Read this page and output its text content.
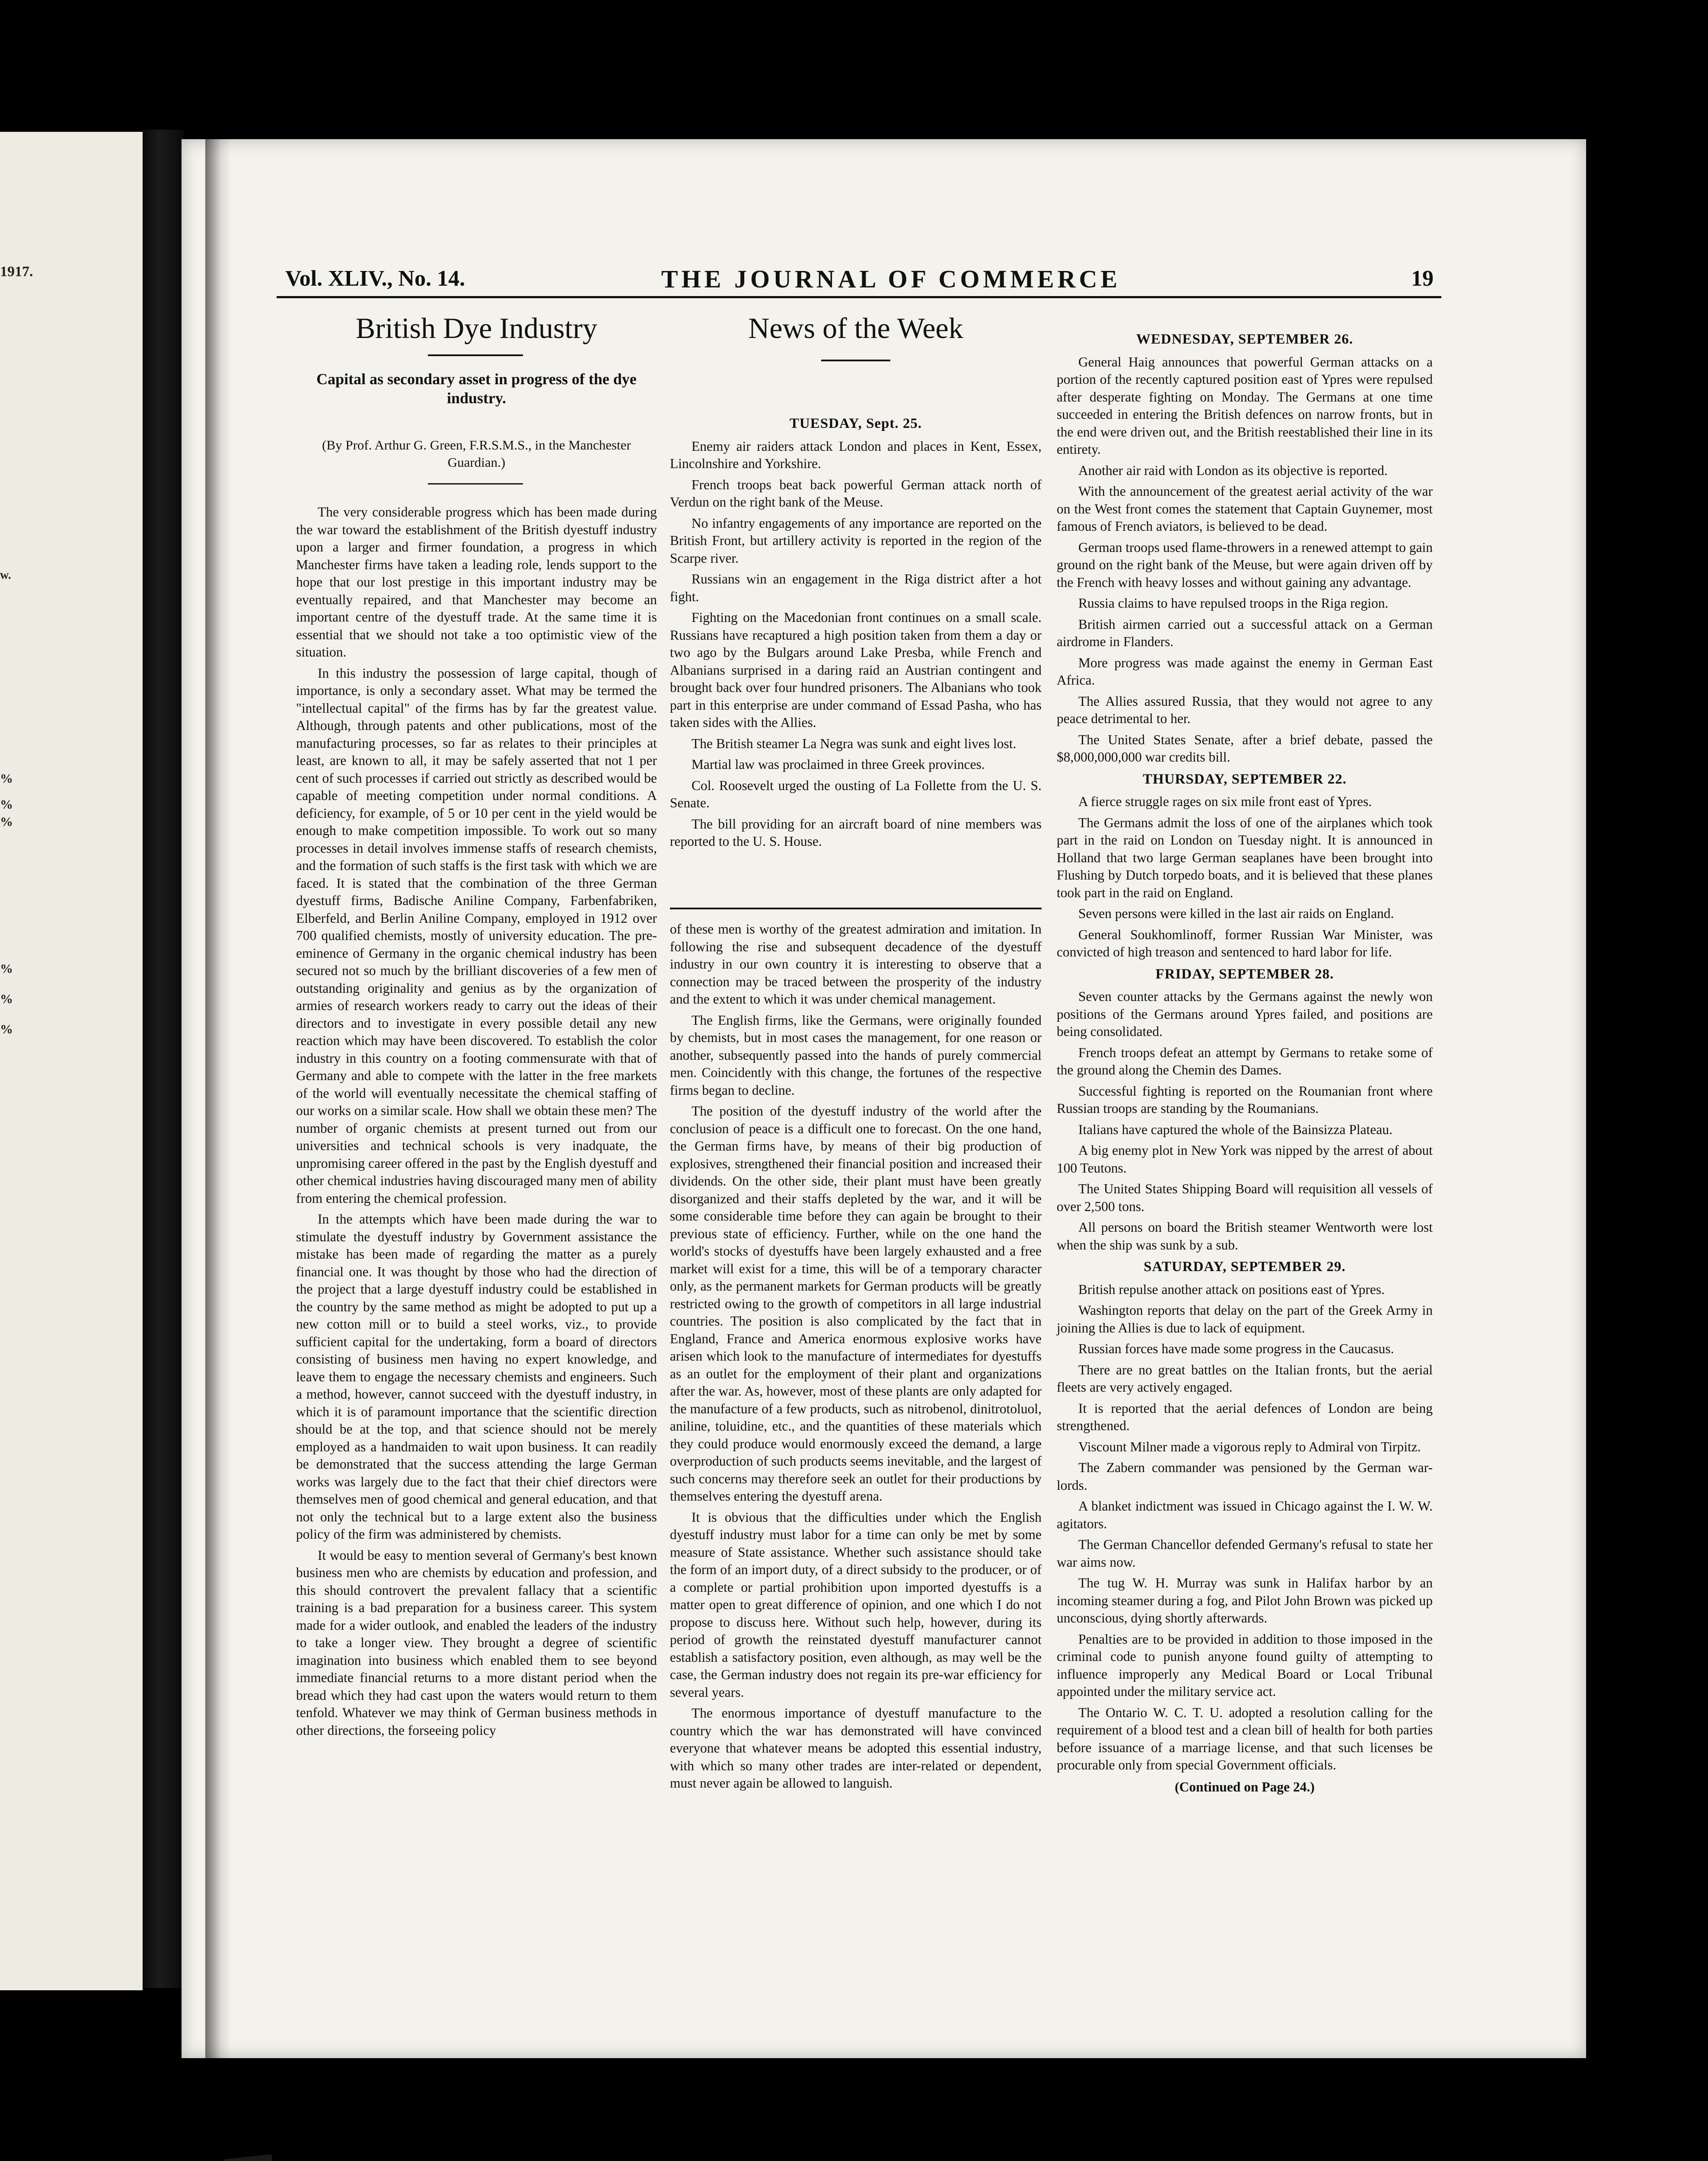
1917.
w.
%
%
%
%
%
%
Vol. XLIV., No. 14.	THE JOURNAL OF COMMERCE	19
British Dye Industry
Capital as secondary asset in progress of the dye industry.
(By Prof. Arthur G. Green, F.R.S.M.S., in the Manchester Guardian.)

The very considerable progress which has been made during the war toward the establishment of the British dyestuff industry upon a larger and firmer foundation, a progress in which Manchester firms have taken a leading role, lends support to the hope that our lost prestige in this important industry may be eventually repaired, and that Manchester may become an important centre of the dyestuff trade. At the same time it is essential that we should not take a too optimistic view of the situation.

In this industry the possession of large capital, though of importance, is only a secondary asset. What may be termed the "intellectual capital" of the firms has by far the greatest value. Although, through patents and other publications, most of the manufacturing processes, so far as relates to their principles at least, are known to all, it may be safely asserted that not 1 per cent of such processes if carried out strictly as described would be capable of meeting competition under normal conditions. A deficiency, for example, of 5 or 10 per cent in the yield would be enough to make competition impossible. To work out so many processes in detail involves immense staffs of research chemists, and the formation of such staffs is the first task with which we are faced. It is stated that the combination of the three German dyestuff firms, Badische Aniline Company, Farbenfabriken, Elberfeld, and Berlin Aniline Company, employed in 1912 over 700 qualified chemists, mostly of university education. The pre-eminence of Germany in the organic chemical industry has been secured not so much by the brilliant discoveries of a few men of outstanding originality and genius as by the organization of armies of research workers ready to carry out the ideas of their directors and to investigate in every possible detail any new reaction which may have been discovered. To establish the color industry in this country on a footing commensurate with that of Germany and able to compete with the latter in the free markets of the world will eventually necessitate the chemical staffing of our works on a similar scale. How shall we obtain these men? The number of organic chemists at present turned out from our universities and technical schools is very inadquate, the unpromising career offered in the past by the English dyestuff and other chemical industries having discouraged many men of ability from entering the chemical profession.

In the attempts which have been made during the war to stimulate the dyestuff industry by Government assistance the mistake has been made of regarding the matter as a purely financial one. It was thought by those who had the direction of the project that a large dyestuff industry could be established in the country by the same method as might be adopted to put up a new cotton mill or to build a steel works, viz., to provide sufficient capital for the undertaking, form a board of directors consisting of business men having no expert knowledge, and leave them to engage the necessary chemists and engineers. Such a method, however, cannot succeed with the dyestuff industry, in which it is of paramount importance that the scientific direction should be at the top, and that science should not be merely employed as a handmaiden to wait upon business. It can readily be demonstrated that the success attending the large German works was largely due to the fact that their chief directors were themselves men of good chemical and general education, and that not only the technical but to a large extent also the business policy of the firm was administered by chemists.

It would be easy to mention several of Germany's best known business men who are chemists by education and profession, and this should controvert the prevalent fallacy that a scientific training is a bad preparation for a business career. This system made for a wider outlook, and enabled the leaders of the industry to take a longer view. They brought a degree of scientific imagination into business which enabled them to see beyond immediate financial returns to a more distant period when the bread which they had cast upon the waters would return to them tenfold. Whatever we may think of German business methods in other directions, the forseeing policy

News of the Week

TUESDAY, Sept. 25.

Enemy air raiders attack London and places in Kent, Essex, Lincolnshire and Yorkshire.

French troops beat back powerful German attack north of Verdun on the right bank of the Meuse.

No infantry engagements of any importance are reported on the British Front, but artillery activity is reported in the region of the Scarpe river.

Russians win an engagement in the Riga district after a hot fight.

Fighting on the Macedonian front continues on a small scale. Russians have recaptured a high position taken from them a day or two ago by the Bulgars around Lake Presba, while French and Albanians surprised in a daring raid an Austrian contingent and brought back over four hundred prisoners. The Albanians who took part in this enterprise are under command of Essad Pasha, who has taken sides with the Allies.

The British steamer La Negra was sunk and eight lives lost.

Martial law was proclaimed in three Greek provinces.

Col. Roosevelt urged the ousting of La Follette from the U. S. Senate.

The bill providing for an aircraft board of nine members was reported to the U. S. House.

of these men is worthy of the greatest admiration and imitation. In following the rise and subsequent decadence of the dyestuff industry in our own country it is interesting to observe that a connection may be traced between the prosperity of the industry and the extent to which it was under chemical management.

The English firms, like the Germans, were originally founded by chemists, but in most cases the management, for one reason or another, subsequently passed into the hands of purely commercial men. Coincidently with this change, the fortunes of the respective firms began to decline.

The position of the dyestuff industry of the world after the conclusion of peace is a difficult one to forecast. On the one hand, the German firms have, by means of their big production of explosives, strengthened their financial position and increased their dividends. On the other side, their plant must have been greatly disorganized and their staffs depleted by the war, and it will be some considerable time before they can again be brought to their previous state of efficiency. Further, while on the one hand the world's stocks of dyestuffs have been largely exhausted and a free market will exist for a time, this will be of a temporary character only, as the permanent markets for German products will be greatly restricted owing to the growth of competitors in all large industrial countries. The position is also complicated by the fact that in England, France and America enormous explosive works have arisen which look to the manufacture of intermediates for dyestuffs as an outlet for the employment of their plant and organizations after the war. As, however, most of these plants are only adapted for the manufacture of a few products, such as nitrobenol, dinitrotoluol, aniline, toluidine, etc., and the quantities of these materials which they could produce would enormously exceed the demand, a large overproduction of such products seems inevitable, and the largest of such concerns may therefore seek an outlet for their productions by themselves entering the dyestuff arena.

It is obvious that the difficulties under which the English dyestuff industry must labor for a time can only be met by some measure of State assistance. Whether such assistance should take the form of an import duty, of a direct subsidy to the producer, or of a complete or partial prohibition upon imported dyestuffs is a matter open to great difference of opinion, and one which I do not propose to discuss here. Without such help, however, during its period of growth the reinstated dyestuff manufacturer cannot establish a satisfactory position, even although, as may well be the case, the German industry does not regain its pre-war efficiency for several years.

The enormous importance of dyestuff manufacture to the country which the war has demonstrated will have convinced everyone that whatever means be adopted this essential industry, with which so many other trades are inter-related or dependent, must never again be allowed to languish.

WEDNESDAY, SEPTEMBER 26.

General Haig announces that powerful German attacks on a portion of the recently captured position east of Ypres were repulsed after desperate fighting on Monday. The Germans at one time succeeded in entering the British defences on narrow fronts, but in the end were driven out, and the British reestablished their line in its entirety.

Another air raid with London as its objective is reported.

With the announcement of the greatest aerial activity of the war on the West front comes the statement that Captain Guynemer, most famous of French aviators, is believed to be dead.

German troops used flame-throwers in a renewed attempt to gain ground on the right bank of the Meuse, but were again driven off by the French with heavy losses and without gaining any advantage.

Russia claims to have repulsed troops in the Riga region.

British airmen carried out a successful attack on a German airdrome in Flanders.

More progress was made against the enemy in German East Africa.

The Allies assured Russia, that they would not agree to any peace detrimental to her.

The United States Senate, after a brief debate, passed the $8,000,000,000 war credits bill.

THURSDAY, SEPTEMBER 22.

A fierce struggle rages on six mile front east of Ypres.

The Germans admit the loss of one of the airplanes which took part in the raid on London on Tuesday night. It is announced in Holland that two large German seaplanes have been brought into Flushing by Dutch torpedo boats, and it is believed that these planes took part in the raid on England.

Seven persons were killed in the last air raids on England.

General Soukhomlinoff, former Russian War Minister, was convicted of high treason and sentenced to hard labor for life.

FRIDAY, SEPTEMBER 28.

Seven counter attacks by the Germans against the newly won positions of the Germans around Ypres failed, and positions are being consolidated.

French troops defeat an attempt by Germans to retake some of the ground along the Chemin des Dames.

Successful fighting is reported on the Roumanian front where Russian troops are standing by the Roumanians.

Italians have captured the whole of the Bainsizza Plateau.

A big enemy plot in New York was nipped by the arrest of about 100 Teutons.

The United States Shipping Board will requisition all vessels of over 2,500 tons.

All persons on board the British steamer Wentworth were lost when the ship was sunk by a sub.

SATURDAY, SEPTEMBER 29.

British repulse another attack on positions east of Ypres.

Washington reports that delay on the part of the Greek Army in joining the Allies is due to lack of equipment.

Russian forces have made some progress in the Caucasus.

There are no great battles on the Italian fronts, but the aerial fleets are very actively engaged.

It is reported that the aerial defences of London are being strengthened.

Viscount Milner made a vigorous reply to Admiral von Tirpitz.

The Zabern commander was pensioned by the German war-lords.

A blanket indictment was issued in Chicago against the I. W. W. agitators.

The German Chancellor defended Germany's refusal to state her war aims now.

The tug W. H. Murray was sunk in Halifax harbor by an incoming steamer during a fog, and Pilot John Brown was picked up unconscious, dying shortly afterwards.

Penalties are to be provided in addition to those imposed in the criminal code to punish anyone found guilty of attempting to influence improperly any Medical Board or Local Tribunal appointed under the military service act.

The Ontario W. C. T. U. adopted a resolution calling for the requirement of a blood test and a clean bill of health for both parties before issuance of a marriage license, and that such licenses be procurable only from special Government officials.

(Continued on Page 24.)
